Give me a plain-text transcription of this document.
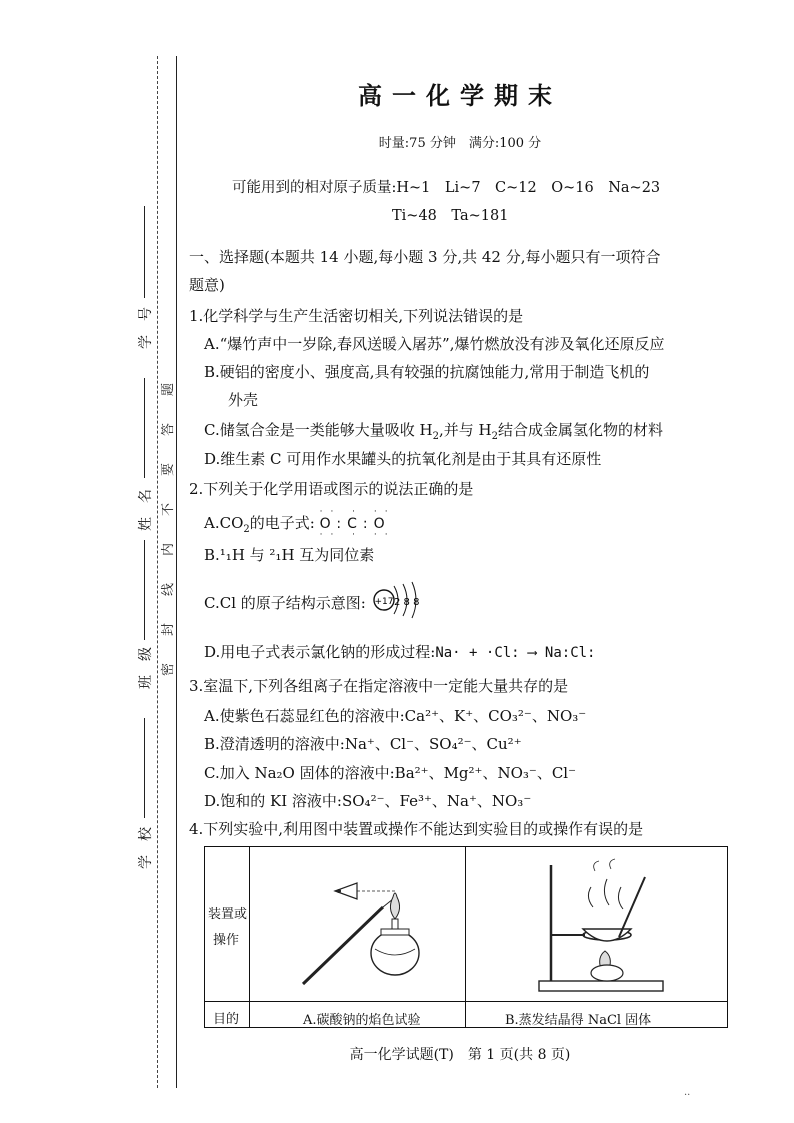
学　号
姓　名
班　级
学　校
密
封
线
内
不
要
答
题
高一化学期末
时量:75 分钟　满分:100 分
可能用到的相对原子质量:H~1　Li~7　C~12　O~16　Na~23
Ti~48　Ta~181
一、选择题(本题共 14 小题,每小题 3 分,共 42 分,每小题只有一项符合
题意)
1.化学科学与生产生活密切相关,下列说法错误的是
A.“爆竹声中一岁除,春风送暖入屠苏”,爆竹燃放没有涉及氧化还原反应
B.硬铝的密度小、强度高,具有较强的抗腐蚀能力,常用于制造飞机的
外壳
C.储氢合金是一类能够大量吸收 $H_2$,并与 $H_2$结合成金属氢化物的材料
D.维生素 C 可用作水果罐头的抗氧化剂是由于其具有还原性
2.下列关于化学用语或图示的说法正确的是
$A.CO_2$的电子式: O:C:O
·· · ··
·· · ··
B.¹₁H 与 ²₁H 互为同位素
C.Cl 的原子结构示意图: +17 2 8 8
D.用电子式表示氯化钠的形成过程:Na· + ·Cl: ⟶ Na:Cl:
3.室温下,下列各组离子在指定溶液中一定能大量共存的是
A.使紫色石蕊显红色的溶液中:Ca²⁺、K⁺、CO₃²⁻、NO₃⁻
B.澄清透明的溶液中:Na⁺、Cl⁻、SO₄²⁻、Cu²⁺
C.加入 Na₂O 固体的溶液中:Ba²⁺、Mg²⁺、NO₃⁻、Cl⁻
D.饱和的 KI 溶液中:SO₄²⁻、Fe³⁺、Na⁺、NO₃⁻
4.下列实验中,利用图中装置或操作不能达到实验目的或操作有误的是
装置或
操作
目的	A.碳酸钠的焰色试验	B.蒸发结晶得 NaCl 固体
高一化学试题(T)　第 1 页(共 8 页)
··
